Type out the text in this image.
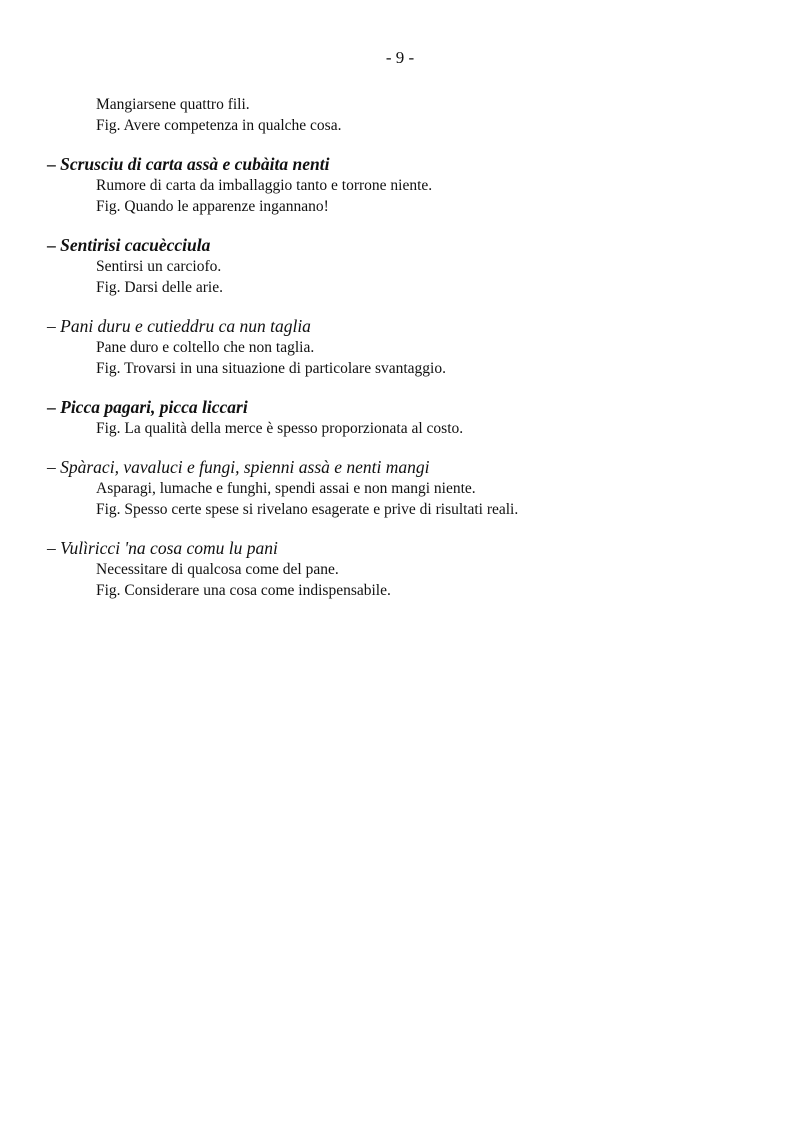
- 9 -
Mangiarsene quattro fili.
Fig. Avere competenza in qualche cosa.

– Scrusciu di carta assà e cubàita nenti

Rumore di carta da imballaggio tanto e torrone niente.
Fig. Quando le apparenze ingannano!

– Sentirisi cacuècciula

Sentirsi un carciofo.
Fig. Darsi delle arie.

– Pani duru e cutieddru ca nun taglia

Pane duro e coltello che non taglia.
Fig. Trovarsi in una situazione di particolare svantaggio.

– Picca pagari, picca liccari

Fig. La qualità della merce è spesso proporzionata al costo.

– Spàraci, vavaluci e fungi, spienni assà e nenti mangi

Asparagi, lumache e funghi, spendi assai e non mangi niente.
Fig. Spesso certe spese si rivelano esagerate e prive di risultati reali.

– Vulìricci 'na cosa comu lu pani

Necessitare di qualcosa come del pane.
Fig. Considerare una cosa come indispensabile.
